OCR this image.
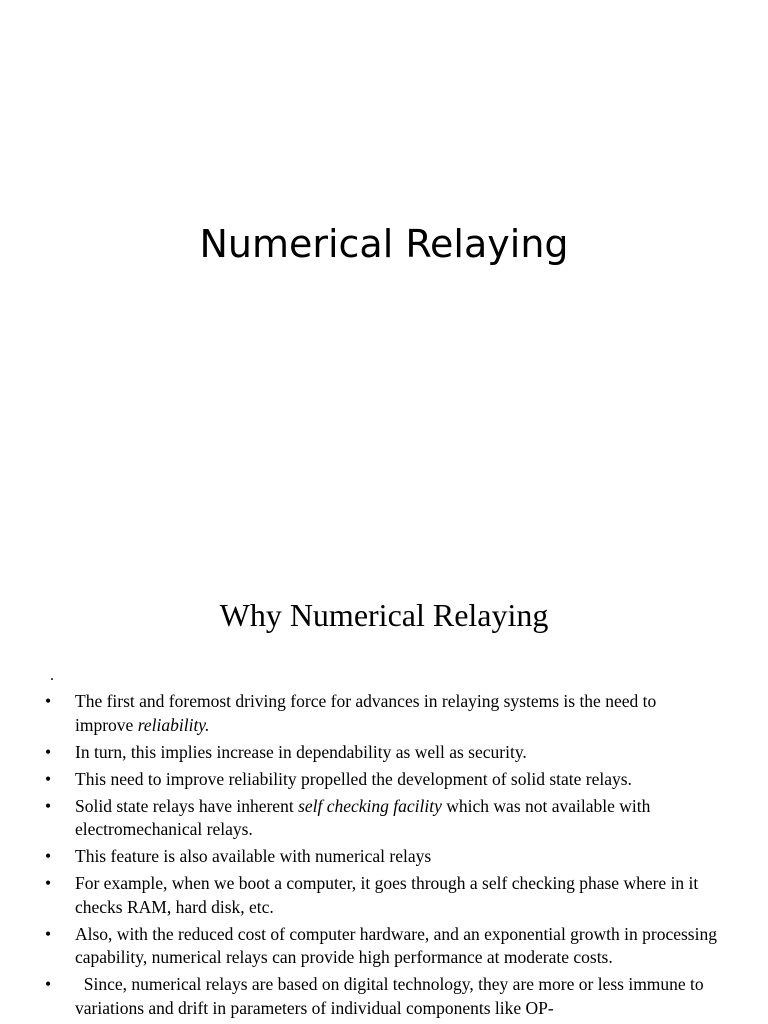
Numerical Relaying
Why Numerical Relaying
.
•	The first and foremost driving force for advances in relaying systems is the need to improve reliability.
•	In turn, this implies increase in dependability as well as security.
•	This need to improve reliability propelled the development of solid state relays.
•	Solid state relays have inherent self checking facility which was not available with electromechanical relays.
•	This feature is also available with numerical relays
•	For example, when we boot a computer, it goes through a self checking phase where in it checks RAM, hard disk, etc.
•	Also, with the reduced cost of computer hardware, and an exponential growth in processing capability, numerical relays can provide high performance at moderate costs.
•	Since, numerical relays are based on digital technology, they are more or less immune to variations and drift in parameters of individual components like OP-
